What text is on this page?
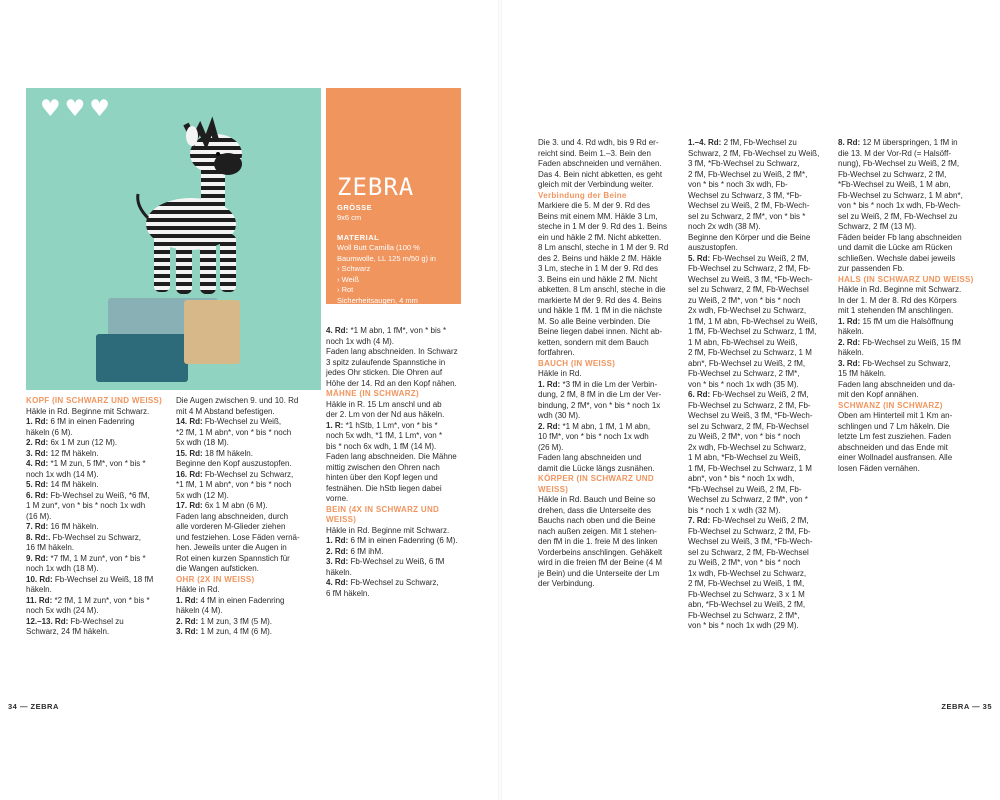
♥ ♥ ♥
ZEBRA
GRÖSSE
9x6 cm
MATERIAL
Woll Butt Camilla (100 %
Baumwolle, LL 125 m/50 g) in
› Schwarz
› Weiß
› Rot
Sicherheitsaugen, 4 mm

KOPF (IN SCHWARZ UND WEISS)

Häkle in Rd. Beginne mit Schwarz.

1. Rd: 6 fM in einen Fadenring

häkeln (6 M).

2. Rd: 6x 1 M zun (12 M).

3. Rd: 12 fM häkeln.

4. Rd: *1 M zun, 5 fM*, von * bis *

noch 1x wdh (14 M).

5. Rd: 14 fM häkeln.

6. Rd: Fb-Wechsel zu Weiß, *6 fM,

1 M zun*, von * bis * noch 1x wdh

(16 M).

7. Rd: 16 fM häkeln.

8. Rd:. Fb-Wechsel zu Schwarz,

16 fM häkeln.

9. Rd: *7 fM, 1 M zun*, von * bis *

noch 1x wdh (18 M).

10. Rd: Fb-Wechsel zu Weiß, 18 fM

häkeln.

11. Rd: *2 fM, 1 M zun*, von * bis *

noch 5x wdh (24 M).

12.–13. Rd: Fb-Wechsel zu

Schwarz, 24 fM häkeln.

Die Augen zwischen 9. und 10. Rd

mit 4 M Abstand befestigen.

14. Rd: Fb-Wechsel zu Weiß,

*2 fM, 1 M abn*, von * bis * noch

5x wdh (18 M).

15. Rd: 18 fM häkeln.

Beginne den Kopf auszustopfen.

16. Rd: Fb-Wechsel zu Schwarz,

*1 fM, 1 M abn*, von * bis * noch

5x wdh (12 M).

17. Rd: 6x 1 M abn (6 M).

Faden lang abschneiden, durch

alle vorderen M-Glieder ziehen

und festziehen. Lose Fäden vernä-

hen. Jeweils unter die Augen in

Rot einen kurzen Spannstich für

die Wangen aufsticken.

OHR (2X IN WEISS)

Häkle in Rd.

1. Rd: 4 fM in einen Fadenring

häkeln (4 M).

2. Rd: 1 M zun, 3 fM (5 M).

3. Rd: 1 M zun, 4 fM (6 M).

4. Rd: *1 M abn, 1 fM*, von * bis *

noch 1x wdh (4 M).

Faden lang abschneiden. In Schwarz

3 spitz zulaufende Spannstiche in

jedes Ohr sticken. Die Ohren auf

Höhe der 14. Rd an den Kopf nähen.

MÄHNE (IN SCHWARZ)

Häkle in R. 15 Lm anschl und ab

der 2. Lm von der Nd aus häkeln.

1. R: *1 hStb, 1 Lm*, von * bis *

noch 5x wdh, *1 fM, 1 Lm*, von *

bis * noch 6x wdh, 1 fM (14 M).

Faden lang abschneiden. Die Mähne

mittig zwischen den Ohren nach

hinten über den Kopf legen und

festnähen. Die hStb liegen dabei

vorne.

BEIN (4X IN SCHWARZ UND

WEISS)

Häkle in Rd. Beginne mit Schwarz.

1. Rd: 6 fM in einen Fadenring (6 M).

2. Rd: 6 fM ihM.

3. Rd: Fb-Wechsel zu Weiß, 6 fM

häkeln.

4. Rd: Fb-Wechsel zu Schwarz,

6 fM häkeln.

Die 3. und 4. Rd wdh, bis 9 Rd er-

reicht sind. Beim 1.–3. Bein den

Faden abschneiden und vernähen.

Das 4. Bein nicht abketten, es geht

gleich mit der Verbindung weiter.

Verbindung der Beine

Markiere die 5. M der 9. Rd des

Beins mit einem MM. Häkle 3 Lm,

steche in 1 M der 9. Rd des 1. Beins

ein und häkle 2 fM. Nicht abketten.

8 Lm anschl, steche in 1 M der 9. Rd

des 2. Beins und häkle 2 fM. Häkle

3 Lm, steche in 1 M der 9. Rd des

3. Beins ein und häkle 2 fM. Nicht

abketten. 8 Lm anschl, steche in die

markierte M der 9. Rd des 4. Beins

und häkle 1 fM. 1 fM in die nächste

M. So alle Beine verbinden. Die

Beine liegen dabei innen. Nicht ab-

ketten, sondern mit dem Bauch

fortfahren.

BAUCH (IN WEISS)

Häkle in Rd.

1. Rd: *3 fM in die Lm der Verbin-

dung, 2 fM, 8 fM in die Lm der Ver-

bindung, 2 fM*, von * bis * noch 1x

wdh (30 M).

2. Rd: *1 M abn, 1 fM, 1 M abn,

10 fM*, von * bis * noch 1x wdh

(26 M).

Faden lang abschneiden und

damit die Lücke längs zusnähen.

KÖRPER (IN SCHWARZ UND

WEISS)

Häkle in Rd. Bauch und Beine so

drehen, dass die Unterseite des

Bauchs nach oben und die Beine

nach außen zeigen. Mit 1 stehen-

den fM in die 1. freie M des linken

Vorderbeins anschlingen. Gehäkelt

wird in die freien fM der Beine (4 M

je Bein) und die Unterseite der Lm

der Verbindung.

1.–4. Rd: 2 fM, Fb-Wechsel zu

Schwarz, 2 fM, Fb-Wechsel zu Weiß,

3 fM, *Fb-Wechsel zu Schwarz,

2 fM, Fb-Wechsel zu Weiß, 2 fM*,

von * bis * noch 3x wdh, Fb-

Wechsel zu Schwarz, 3 fM, *Fb-

Wechsel zu Weiß, 2 fM, Fb-Wech-

sel zu Schwarz, 2 fM*, von * bis *

noch 2x wdh (38 M).

Beginne den Körper und die Beine

auszustopfen.

5. Rd: Fb-Wechsel zu Weiß, 2 fM,

Fb-Wechsel zu Schwarz, 2 fM, Fb-

Wechsel zu Weiß, 3 fM, *Fb-Wech-

sel zu Schwarz, 2 fM, Fb-Wechsel

zu Weiß, 2 fM*, von * bis * noch

2x wdh, Fb-Wechsel zu Schwarz,

1 fM, 1 M abn, Fb-Wechsel zu Weiß,

1 fM, Fb-Wechsel zu Schwarz, 1 fM,

1 M abn, Fb-Wechsel zu Weiß,

2 fM, Fb-Wechsel zu Schwarz, 1 M

abn*, Fb-Wechsel zu Weiß, 2 fM,

Fb-Wechsel zu Schwarz, 2 fM*,

von * bis * noch 1x wdh (35 M).

6. Rd: Fb-Wechsel zu Weiß, 2 fM,

Fb-Wechsel zu Schwarz, 2 fM, Fb-

Wechsel zu Weiß, 3 fM, *Fb-Wech-

sel zu Schwarz, 2 fM, Fb-Wechsel

zu Weiß, 2 fM*, von * bis * noch

2x wdh, Fb-Wechsel zu Schwarz,

1 M abn, *Fb-Wechsel zu Weiß,

1 fM, Fb-Wechsel zu Schwarz, 1 M

abn*, von * bis * noch 1x wdh,

*Fb-Wechsel zu Weiß, 2 fM, Fb-

Wechsel zu Schwarz, 2 fM*, von *

bis * noch 1 x wdh (32 M).

7. Rd: Fb-Wechsel zu Weiß, 2 fM,

Fb-Wechsel zu Schwarz, 2 fM, Fb-

Wechsel zu Weiß, 3 fM, *Fb-Wech-

sel zu Schwarz, 2 fM, Fb-Wechsel

zu Weiß, 2 fM*, von * bis * noch

1x wdh, Fb-Wechsel zu Schwarz,

2 fM, Fb-Wechsel zu Weiß, 1 fM,

Fb-Wechsel zu Schwarz, 3 x 1 M

abn, *Fb-Wechsel zu Weiß, 2 fM,

Fb-Wechsel zu Schwarz, 2 fM*,

von * bis * noch 1x wdh (29 M).

8. Rd: 12 M überspringen, 1 fM in

die 13. M der Vor-Rd (= Halsöff-

nung), Fb-Wechsel zu Weiß, 2 fM,

Fb-Wechsel zu Schwarz, 2 fM,

*Fb-Wechsel zu Weiß, 1 M abn,

Fb-Wechsel zu Schwarz, 1 M abn*,

von * bis * noch 1x wdh, Fb-Wech-

sel zu Weiß, 2 fM, Fb-Wechsel zu

Schwarz, 2 fM (13 M).

Fäden beider Fb lang abschneiden

und damit die Lücke am Rücken

schließen. Wechsle dabei jeweils

zur passenden Fb.

HALS (IN SCHWARZ UND WEISS)

Häkle in Rd. Beginne mit Schwarz.

In der 1. M der 8. Rd des Körpers

mit 1 stehenden fM anschlingen.

1. Rd: 15 fM um die Halsöffnung

häkeln.

2. Rd: Fb-Wechsel zu Weiß, 15 fM

häkeln.

3. Rd: Fb-Wechsel zu Schwarz,

15 fM häkeln.

Faden lang abschneiden und da-

mit den Kopf annähen.

SCHWANZ (IN SCHWARZ)

Oben am Hinterteil mit 1 Km an-

schlingen und 7 Lm häkeln. Die

letzte Lm fest zusziehen. Faden

abschneiden und das Ende mit

einer Wollnadel ausfransen. Alle

losen Fäden vernähen.

34 — ZEBRA	ZEBRA — 35
